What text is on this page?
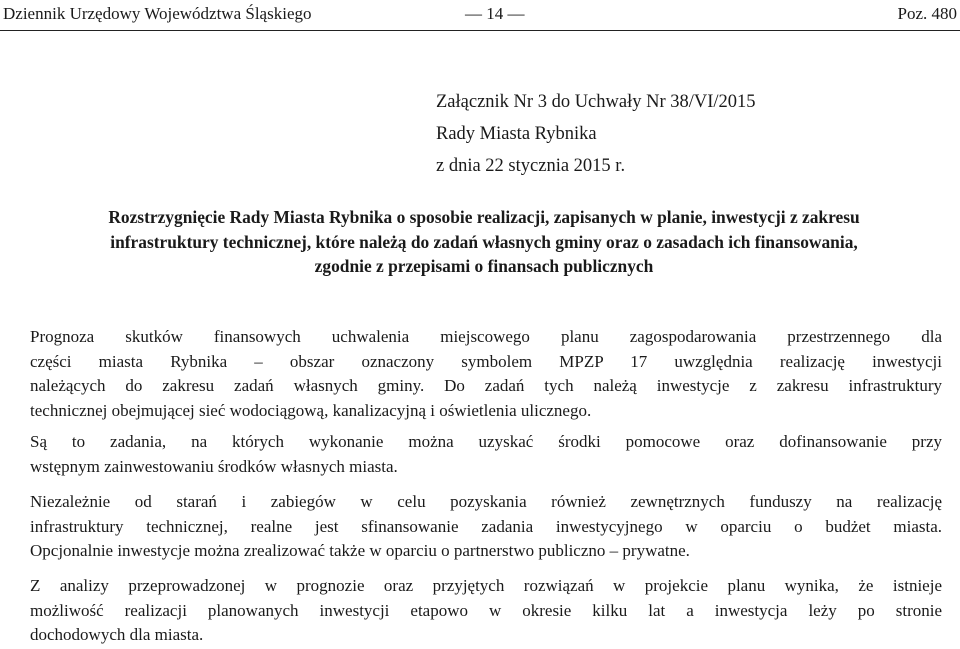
Dziennik Urzędowy Województwa Śląskiego	— 14 —	Poz. 480
Załącznik Nr 3 do Uchwały Nr 38/VI/2015
Rady Miasta Rybnika
z dnia 22 stycznia 2015 r.
Rozstrzygnięcie Rady Miasta Rybnika o sposobie realizacji, zapisanych w planie, inwestycji z zakresu
infrastruktury technicznej, które należą do zadań własnych gminy oraz o zasadach ich finansowania,
zgodnie z przepisami o finansach publicznych
Prognoza skutków finansowych uchwalenia miejscowego planu zagospodarowania przestrzennego dla
części miasta Rybnika – obszar oznaczony symbolem MPZP 17 uwzględnia realizację inwestycji
należących do zakresu zadań własnych gminy. Do zadań tych należą inwestycje z zakresu infrastruktury
technicznej obejmującej sieć wodociągową, kanalizacyjną i oświetlenia ulicznego.
Są to zadania, na których wykonanie można uzyskać środki pomocowe oraz dofinansowanie przy
wstępnym zainwestowaniu środków własnych miasta.
Niezależnie od starań i zabiegów w celu pozyskania również zewnętrznych funduszy na realizację
infrastruktury technicznej, realne jest sfinansowanie zadania inwestycyjnego w oparciu o budżet miasta.
Opcjonalnie inwestycje można zrealizować także w oparciu o partnerstwo publiczno – prywatne.
Z analizy przeprowadzonej w prognozie oraz przyjętych rozwiązań w projekcie planu wynika, że istnieje
możliwość realizacji planowanych inwestycji etapowo w okresie kilku lat a inwestycja leży po stronie
dochodowych dla miasta.
